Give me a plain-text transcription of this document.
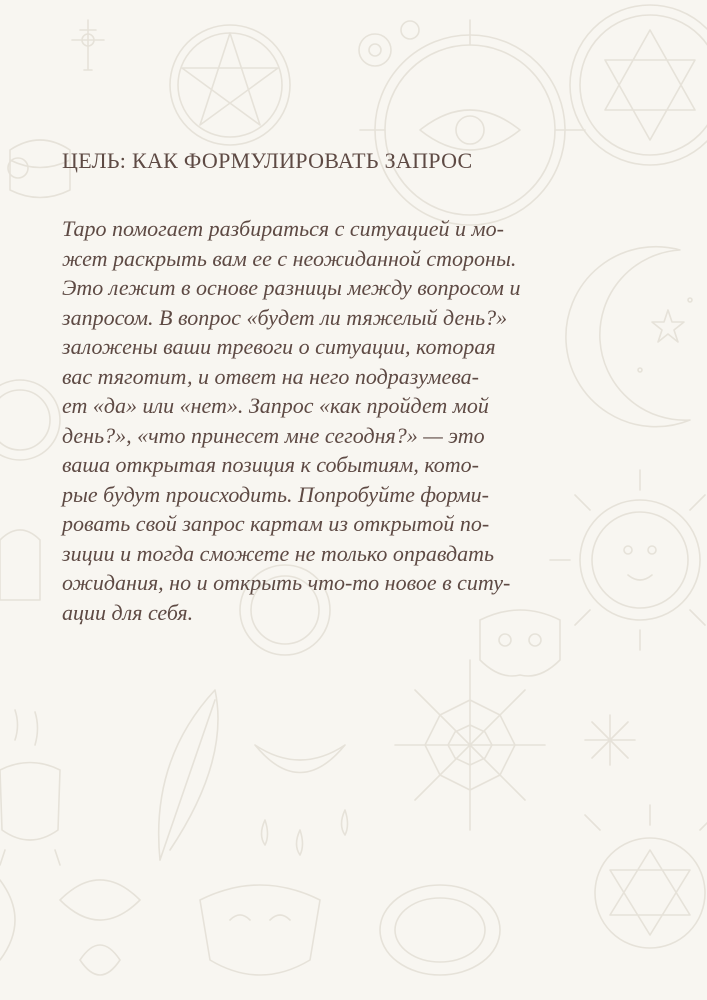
ЦЕЛЬ: КАК ФОРМУЛИРОВАТЬ ЗАПРОС
Таро помогает разбираться с ситуацией и мо-
жет раскрыть вам ее с неожиданной стороны.
Это лежит в основе разницы между вопросом и
запросом. В вопрос «будет ли тяжелый день?»
заложены ваши тревоги о ситуации, которая
вас тяготит, и ответ на него подразумева-
ет «да» или «нет». Запрос «как пройдет мой
день?», «что принесет мне сегодня?» — это
ваша открытая позиция к событиям, кото-
рые будут происходить. Попробуйте форми-
ровать свой запрос картам из открытой по-
зиции и тогда сможете не только оправдать
ожидания, но и открыть что-то новое в ситу-
ации для себя.
